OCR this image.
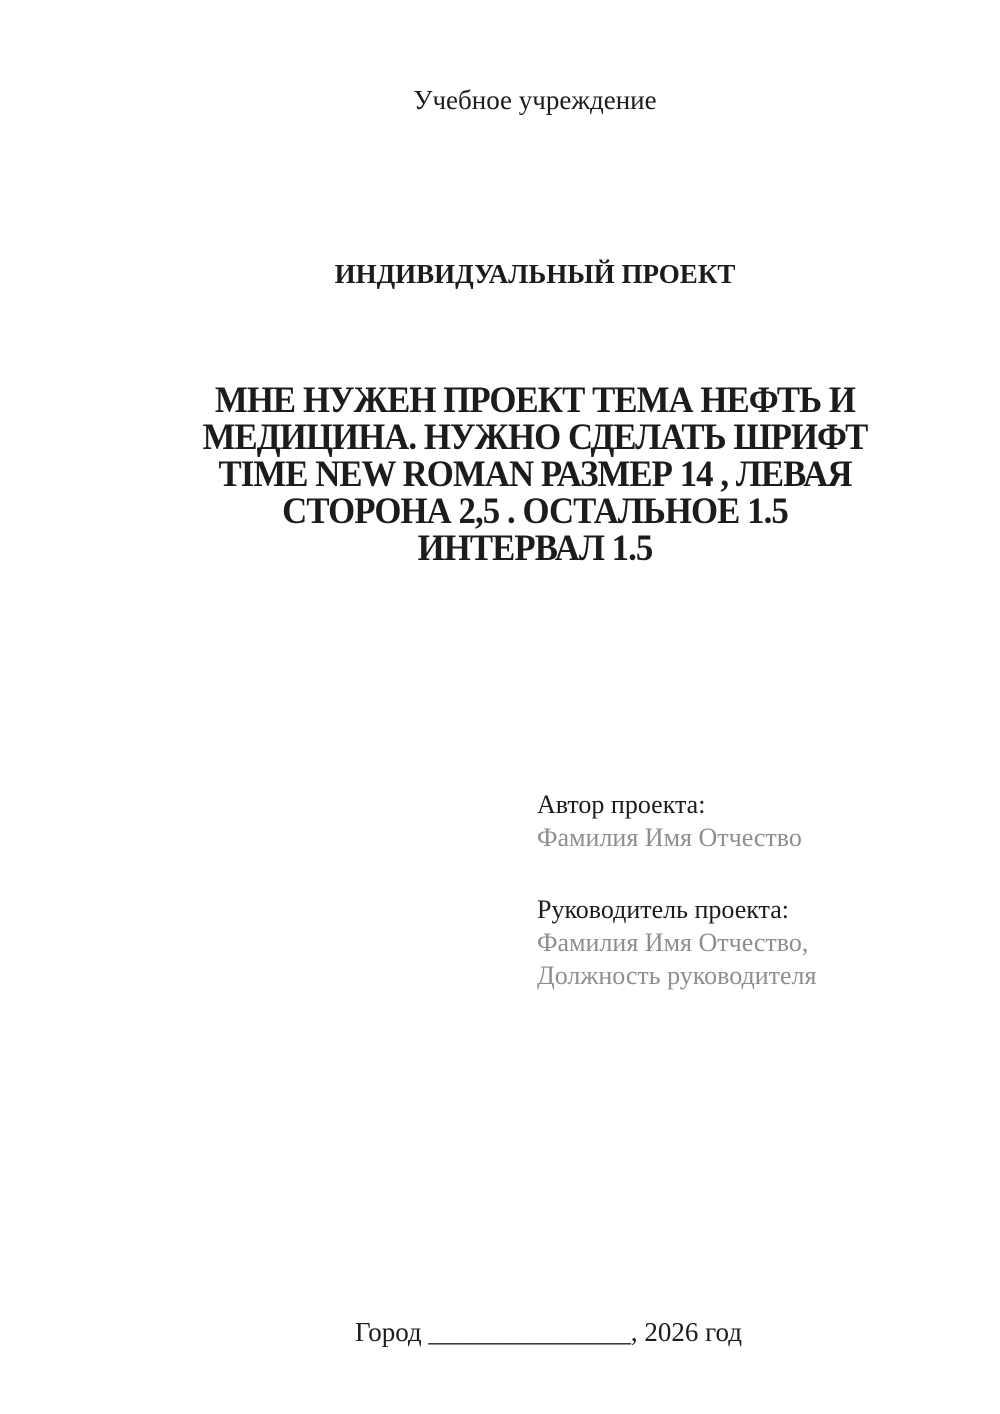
Учебное учреждение
ИНДИВИДУАЛЬНЫЙ ПРОЕКТ
МНЕ НУЖЕН ПРОЕКТ ТЕМА НЕФТЬ И
МЕДИЦИНА. НУЖНО СДЕЛАТЬ ШРИФТ
TIME NEW ROMAN РАЗМЕР 14 , ЛЕВАЯ
СТОРОНА 2,5 . ОСТАЛЬНОЕ 1.5
ИНТЕРВАЛ 1.5
Автор проекта:
Фамилия Имя Отчество
Руководитель проекта:
Фамилия Имя Отчество,
Должность руководителя

Город _______________, 2026 год
